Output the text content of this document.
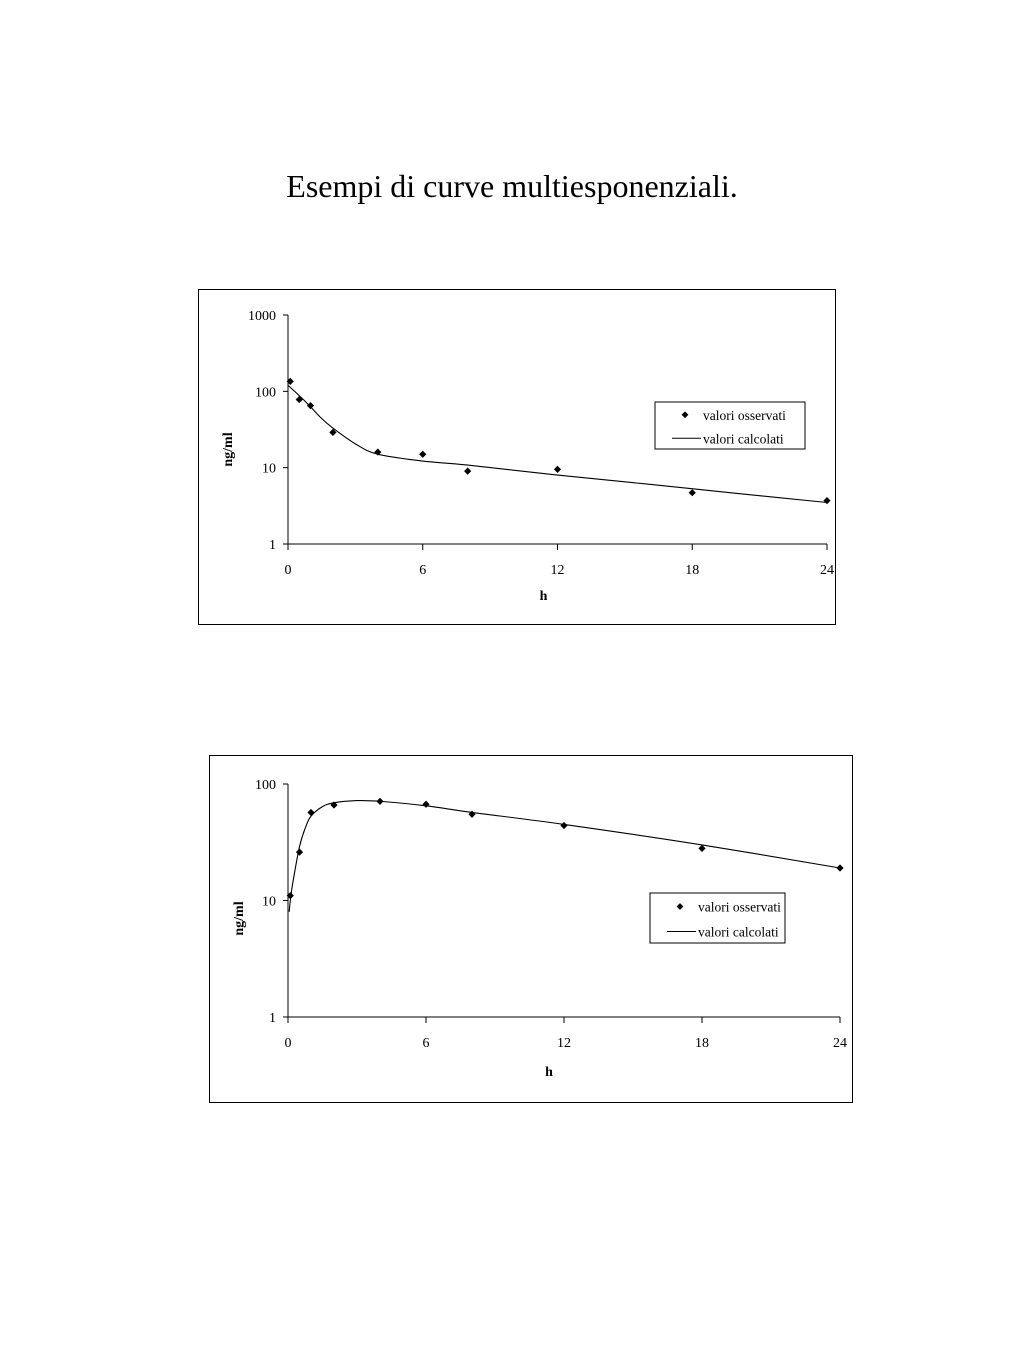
Esempi di curve multiesponenziali.
1
10
100
1000
0	6	12	18	24
h
ng/ml
valori osservati
valori calcolati
1
10
100
0	6	12	18	24
h
ng/ml	valori osservati
valori calcolati
